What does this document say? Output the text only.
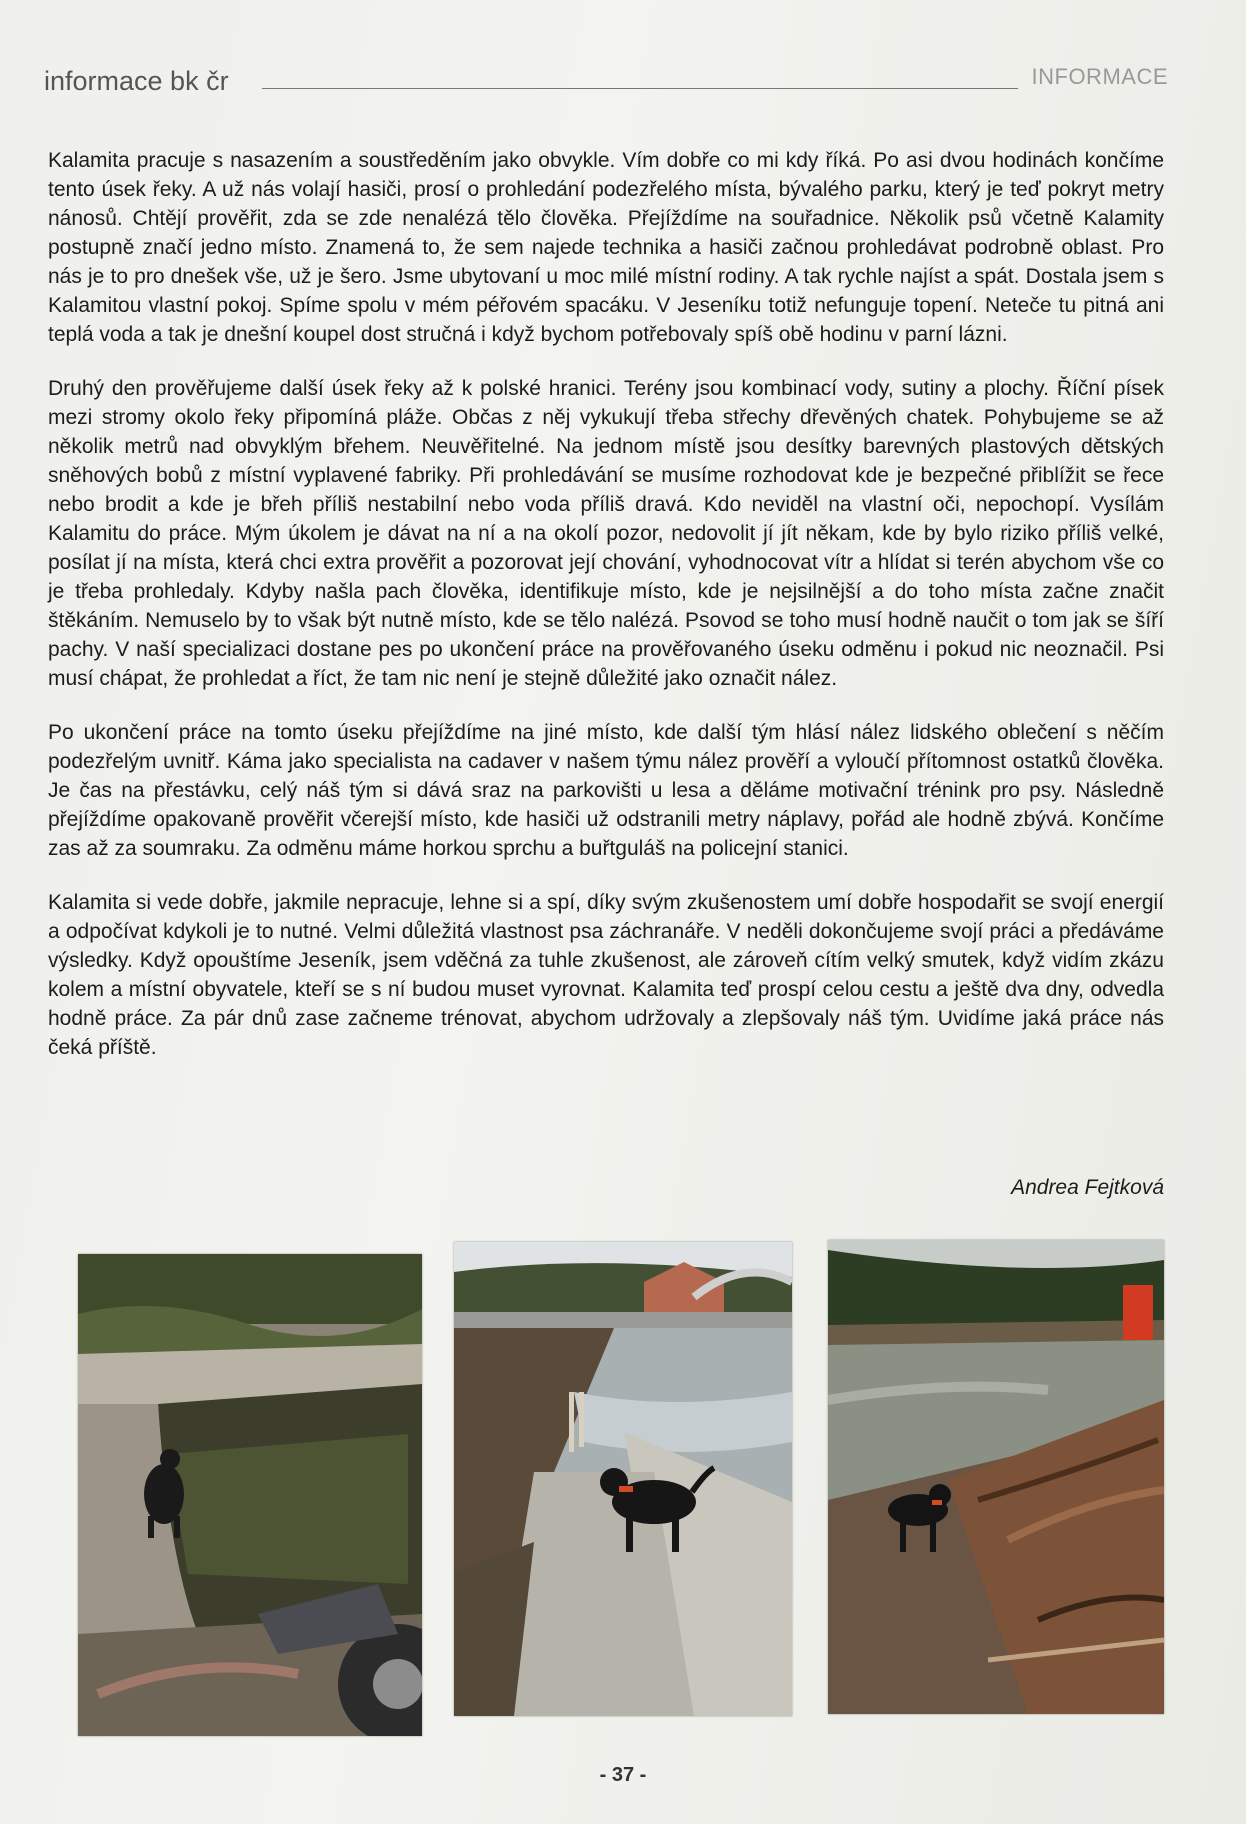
informace bk čr	INFORMACE

Kalamita pracuje s nasazením a soustředěním jako obvykle. Vím dobře co mi kdy říká. Po asi dvou hodinách končíme tento úsek řeky. A už nás volají hasiči, prosí o prohledání podezřelého místa, bývalého parku, který je teď pokryt metry nánosů. Chtějí prověřit, zda se zde nenalézá tělo člověka. Přejíždíme na souřadnice. Několik psů včetně Kalamity postupně značí jedno místo. Znamená to, že sem najede technika a hasiči začnou prohledávat podrobně oblast. Pro nás je to pro dnešek vše, už je šero. Jsme ubytovaní u moc milé místní rodiny. A tak rychle najíst a spát. Dostala jsem s Kalamitou vlastní pokoj. Spíme spolu v mém péřovém spacáku. V Jeseníku totiž nefunguje topení. Neteče tu pitná ani teplá voda a tak je dnešní koupel dost stručná i když bychom potřebovaly spíš obě hodinu v parní lázni.

Druhý den prověřujeme další úsek řeky až k polské hranici. Terény jsou kombinací vody, sutiny a plochy. Říční písek mezi stromy okolo řeky připomíná pláže. Občas z něj vykukují třeba střechy dřevěných chatek. Pohybujeme se až několik metrů nad obvyklým břehem. Neuvěřitelné. Na jednom místě jsou desítky barevných plastových dětských sněhových bobů z místní vyplavené fabriky. Při prohledávání se musíme rozhodovat kde je bezpečné přiblížit se řece nebo brodit a kde je břeh příliš nestabilní nebo voda příliš dravá. Kdo neviděl na vlastní oči, nepochopí. Vysílám Kalamitu do práce. Mým úkolem je dávat na ní a na okolí pozor, nedovolit jí jít někam, kde by bylo riziko příliš velké, posílat jí na místa, která chci extra prověřit a pozorovat její chování, vyhodnocovat vítr a hlídat si terén abychom vše co je třeba prohledaly. Kdyby našla pach člověka, identifikuje místo, kde je nejsilnější a do toho místa začne značit štěkáním. Nemuselo by to však být nutně místo, kde se tělo nalézá. Psovod se toho musí hodně naučit o tom jak se šíří pachy. V naší specializaci dostane pes po ukončení práce na prověřovaného úseku odměnu i pokud nic neoznačil. Psi musí chápat, že prohledat a říct, že tam nic není je stejně důležité jako označit nález.

Po ukončení práce na tomto úseku přejíždíme na jiné místo, kde další tým hlásí nález lidského oblečení s něčím podezřelým uvnitř. Káma jako specialista na cadaver v našem týmu nález prověří a vyloučí přítomnost ostatků člověka. Je čas na přestávku, celý náš tým si dává sraz na parkovišti u lesa a děláme motivační trénink pro psy. Následně přejíždíme opakovaně prověřit včerejší místo, kde hasiči už odstranili metry náplavy, pořád ale hodně zbývá. Končíme zas až za soumraku. Za odměnu máme horkou sprchu a buřtguláš na policejní stanici.

Kalamita si vede dobře, jakmile nepracuje, lehne si a spí, díky svým zkušenostem umí dobře hospodařit se svojí energií a odpočívat kdykoli je to nutné. Velmi důležitá vlastnost psa záchranáře. V neděli dokončujeme svojí práci a předáváme výsledky. Když opouštíme Jeseník, jsem vděčná za tuhle zkušenost, ale zároveň cítím velký smutek, když vidím zkázu kolem a místní obyvatele, kteří se s ní budou muset vyrovnat. Kalamita teď prospí celou cestu a ještě dva dny, odvedla hodně práce. Za pár dnů zase začneme trénovat, abychom udržovaly a zlepšovaly náš tým. Uvidíme jaká práce nás čeká příště.

Andrea Fejtková
- 37 -
